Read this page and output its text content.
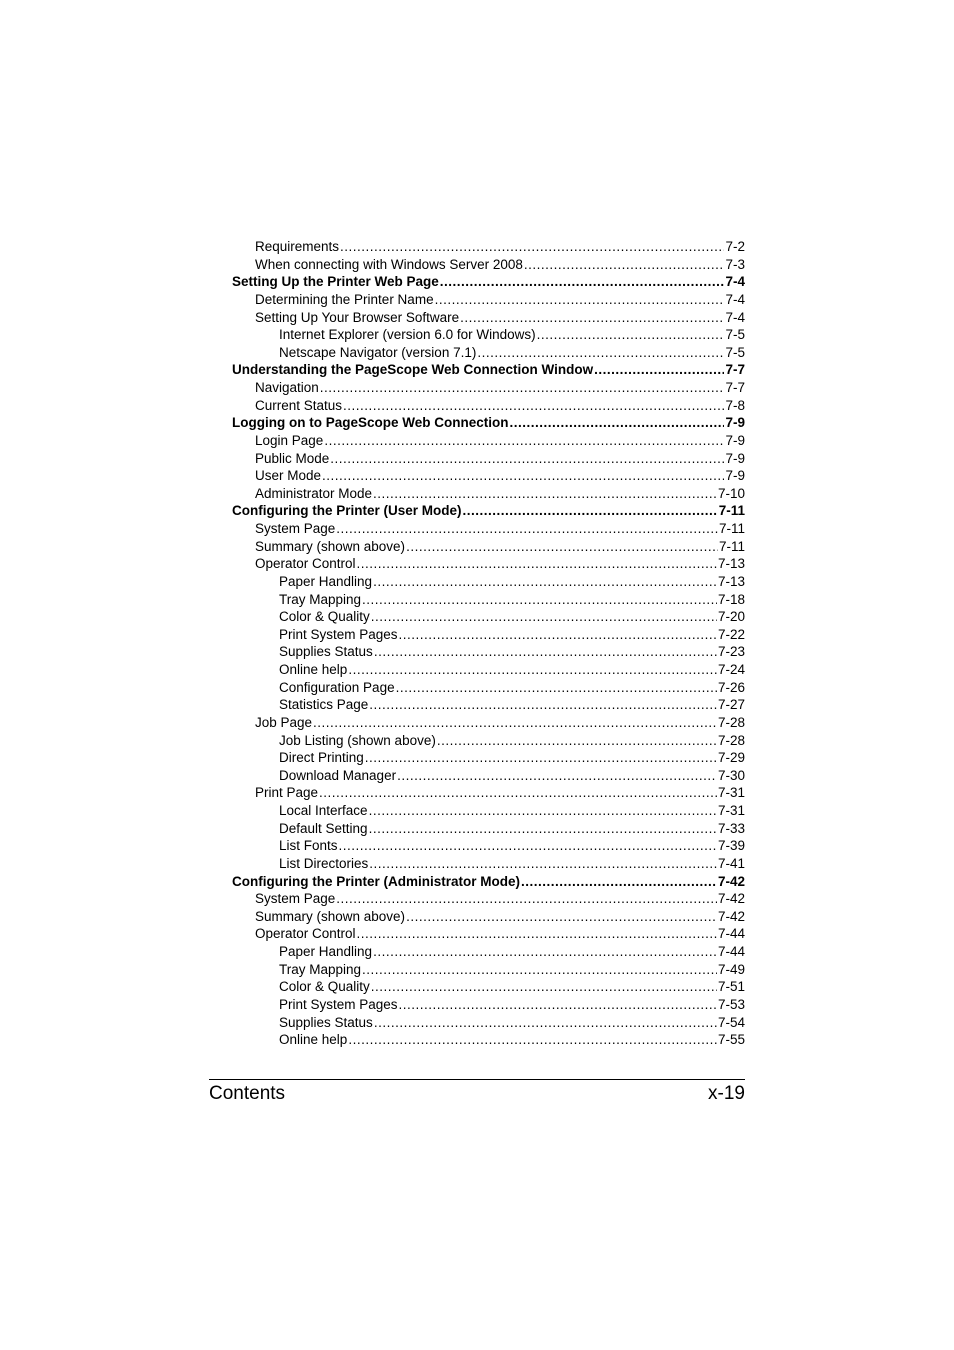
Requirements .....	7-2
When connecting with Windows Server 2008 .....	7-3
Setting Up the Printer Web Page .....	7-4
Determining the Printer Name .....	7-4
Setting Up Your Browser Software .....	7-4
Internet Explorer (version 6.0 for Windows) .....	7-5
Netscape Navigator (version 7.1) .....	7-5
Understanding the PageScope Web Connection Window .....	7-7
Navigation .....	7-7
Current Status .....	7-8
Logging on to PageScope Web Connection .....	7-9
Login Page .....	7-9
Public Mode .....	7-9
User Mode .....	7-9
Administrator Mode .....	7-10
Configuring the Printer (User Mode) .....	7-11
System Page .....	7-11
Summary (shown above) .....	7-11
Operator Control .....	7-13
Paper Handling .....	7-13
Tray Mapping .....	7-18
Color & Quality .....	7-20
Print System Pages .....	7-22
Supplies Status .....	7-23
Online help .....	7-24
Configuration Page .....	7-26
Statistics Page .....	7-27
Job Page .....	7-28
Job Listing (shown above) .....	7-28
Direct Printing .....	7-29
Download Manager .....	7-30
Print Page .....	7-31
Local Interface .....	7-31
Default Setting .....	7-33
List Fonts .....	7-39
List Directories .....	7-41
Configuring the Printer (Administrator Mode) .....	7-42
System Page .....	7-42
Summary (shown above) .....	7-42
Operator Control .....	7-44
Paper Handling .....	7-44
Tray Mapping .....	7-49
Color & Quality .....	7-51
Print System Pages .....	7-53
Supplies Status .....	7-54
Online help .....	7-55
Contents	x-19
